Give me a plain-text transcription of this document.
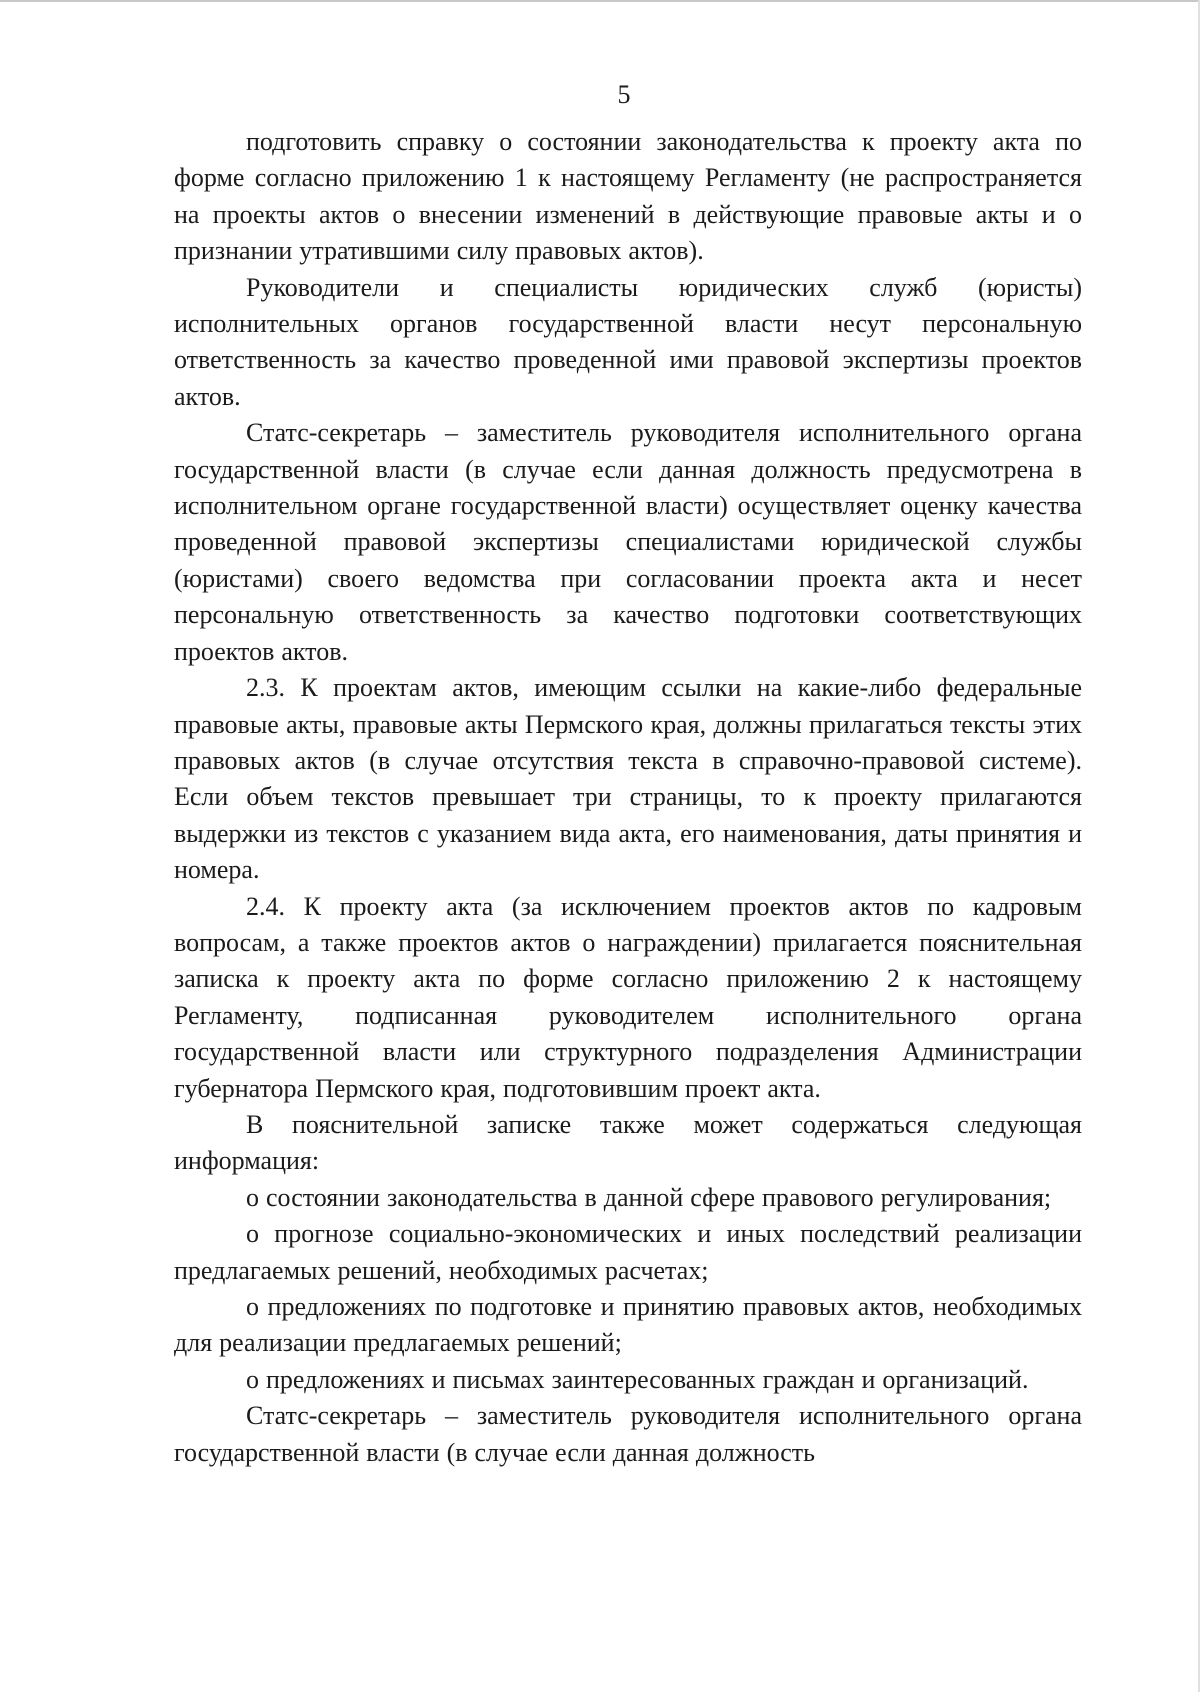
5

подготовить справку о состоянии законодательства к проекту акта по форме согласно приложению 1 к настоящему Регламенту (не распространяется на проекты актов о внесении изменений в действующие правовые акты и о признании утратившими силу правовых актов).

Руководители и специалисты юридических служб (юристы) исполнительных органов государственной власти несут персональную ответственность за качество проведенной ими правовой экспертизы проектов актов.

Статс-секретарь – заместитель руководителя исполнительного органа государственной власти (в случае если данная должность предусмотрена в исполнительном органе государственной власти) осуществляет оценку качества проведенной правовой экспертизы специалистами юридической службы (юристами) своего ведомства при согласовании проекта акта и несет персональную ответственность за качество подготовки соответствующих проектов актов.

2.3. К проектам актов, имеющим ссылки на какие-либо федеральные правовые акты, правовые акты Пермского края, должны прилагаться тексты этих правовых актов (в случае отсутствия текста в справочно-правовой системе). Если объем текстов превышает три страницы, то к проекту прилагаются выдержки из текстов с указанием вида акта, его наименования, даты принятия и номера.

2.4. К проекту акта (за исключением проектов актов по кадровым вопросам, а также проектов актов о награждении) прилагается пояснительная записка к проекту акта по форме согласно приложению 2 к настоящему Регламенту, подписанная руководителем исполнительного органа государственной власти или структурного подразделения Администрации губернатора Пермского края, подготовившим проект акта.

В пояснительной записке также может содержаться следующая информация:

о состоянии законодательства в данной сфере правового регулирования;

о прогнозе социально-экономических и иных последствий реализации предлагаемых решений, необходимых расчетах;

о предложениях по подготовке и принятию правовых актов, необходимых для реализации предлагаемых решений;

о предложениях и письмах заинтересованных граждан и организаций.

Статс-секретарь – заместитель руководителя исполнительного органа государственной власти (в случае если данная должность
